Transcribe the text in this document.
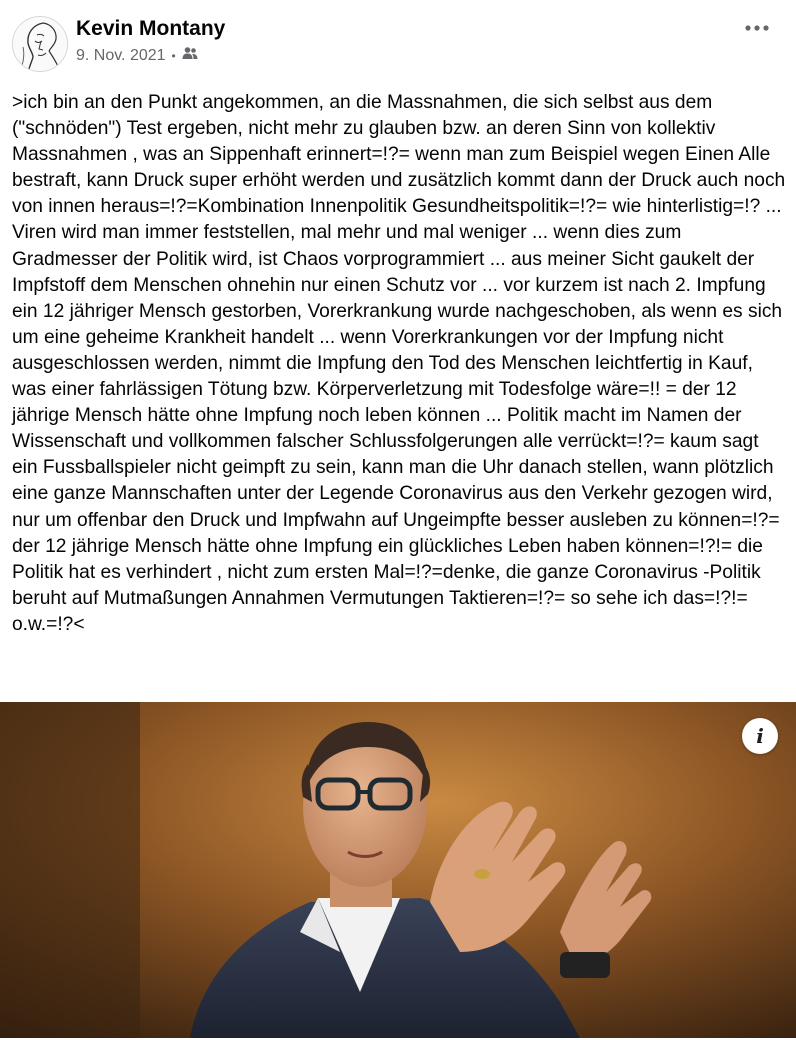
Kevin Montany
9. Nov. 2021 •
>ich bin an den Punkt angekommen, an die Massnahmen, die sich selbst aus dem ("schnöden") Test ergeben, nicht mehr zu glauben bzw. an deren Sinn von kollektiv Massnahmen , was an Sippenhaft erinnert=!?= wenn man zum Beispiel wegen Einen Alle bestraft, kann Druck super erhöht werden und zusätzlich kommt dann der Druck auch noch von innen heraus=!?=Kombination Innenpolitik Gesundheitspolitik=!?= wie hinterlistig=!? ... Viren wird man immer feststellen, mal mehr und mal weniger ... wenn dies zum Gradmesser der Politik wird, ist Chaos vorprogrammiert ... aus meiner Sicht gaukelt der Impfstoff dem Menschen ohnehin nur einen Schutz vor ... vor kurzem ist nach 2. Impfung ein 12 jähriger Mensch gestorben, Vorerkrankung wurde nachgeschoben, als wenn es sich um eine geheime Krankheit handelt ... wenn Vorerkrankungen vor der Impfung nicht ausgeschlossen werden, nimmt die Impfung den Tod des Menschen leichtfertig in Kauf, was einer fahrlässigen Tötung bzw. Körperverletzung mit Todesfolge wäre=!! = der 12 jährige Mensch hätte ohne Impfung noch leben können ... Politik macht im Namen der Wissenschaft und vollkommen falscher Schlussfolgerungen alle verrückt=!?= kaum sagt ein Fussballspieler nicht geimpft zu sein, kann man die Uhr danach stellen, wann plötzlich eine ganze Mannschaften unter der Legende Coronavirus aus den Verkehr gezogen wird, nur um offenbar den Druck und Impfwahn auf Ungeimpfte besser ausleben zu können=!?= der 12 jährige Mensch hätte ohne Impfung ein glückliches Leben haben können=!?!= die Politik hat es verhindert , nicht zum ersten Mal=!?=denke, die ganze Coronavirus -Politik beruht auf Mutmaßungen Annahmen Vermutungen Taktieren=!?= so sehe ich das=!?!= o.w.=!?<
i
